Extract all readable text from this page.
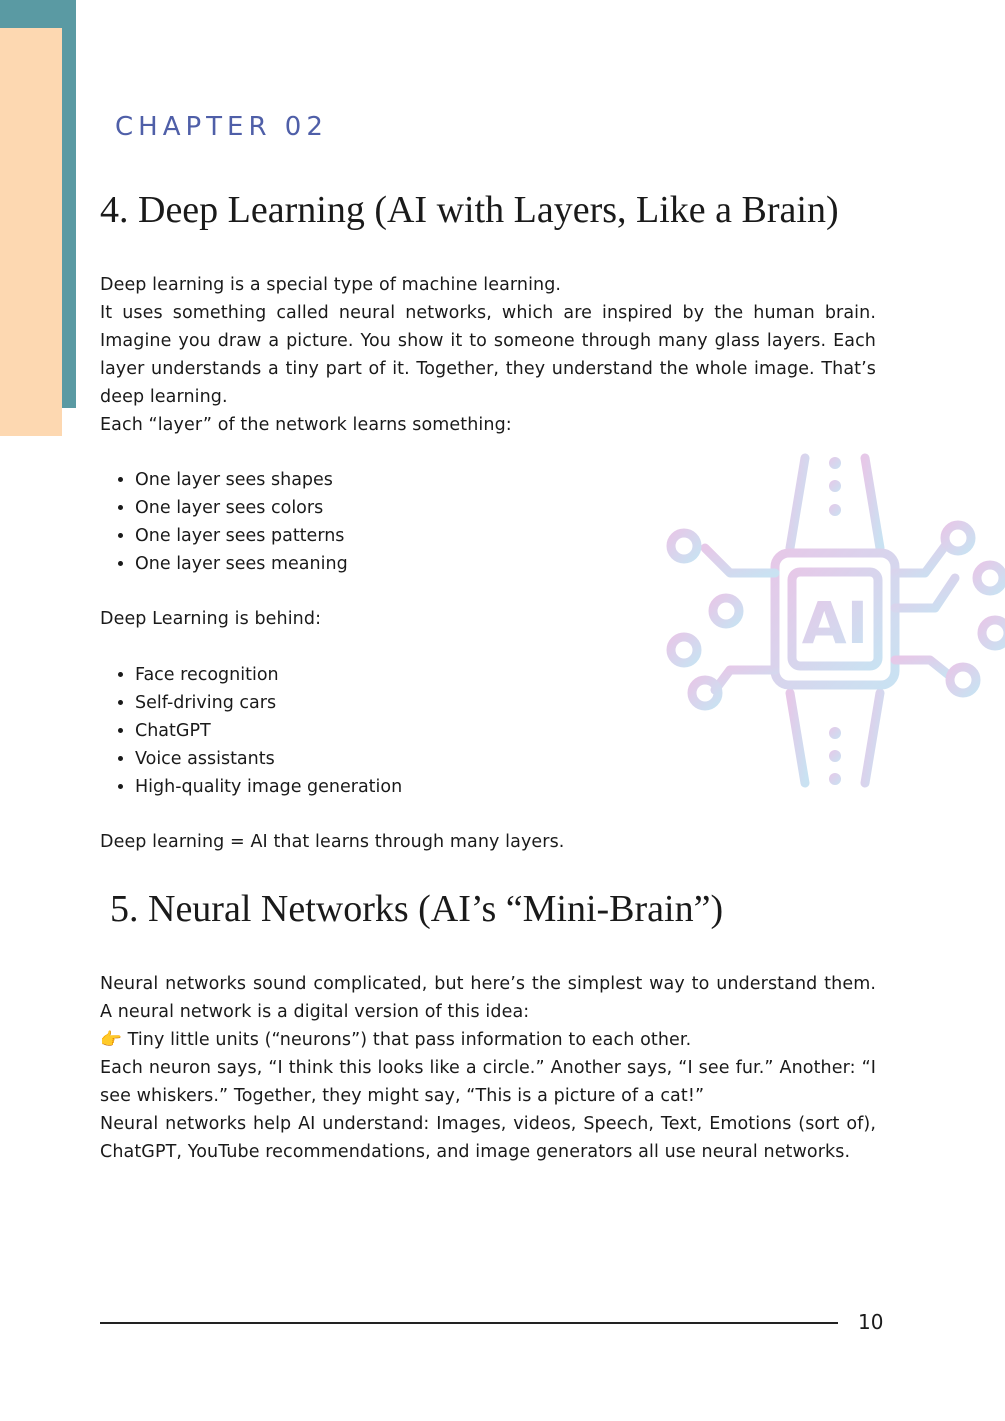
CHAPTER 02

4. Deep Learning (AI with Layers, Like a Brain)

Deep learning is a special type of machine learning.
It uses something called neural networks, which are inspired by the human brain. Imagine you draw a picture. You show it to someone through many glass layers. Each layer understands a tiny part of it. Together, they understand the whole image. That’s deep learning.
Each “layer” of the network learns something:

• One layer sees shapes
• One layer sees colors
• One layer sees patterns
• One layer sees meaning

Deep Learning is behind:

• Face recognition
• Self-driving cars
• ChatGPT
• Voice assistants
• High-quality image generation

Deep learning = AI that learns through many layers.

AI
5. Neural Networks (AI’s “Mini-Brain”)

Neural networks sound complicated, but here’s the simplest way to understand them. A neural network is a digital version of this idea:
👉 Tiny little units (“neurons”) that pass information to each other.
Each neuron says, “I think this looks like a circle.” Another says, “I see fur.” Another: “I see whiskers.” Together, they might say, “This is a picture of a cat!”
Neural networks help AI understand: Images, videos, Speech, Text, Emotions (sort of), ChatGPT, YouTube recommendations, and image generators all use neural networks.

10
